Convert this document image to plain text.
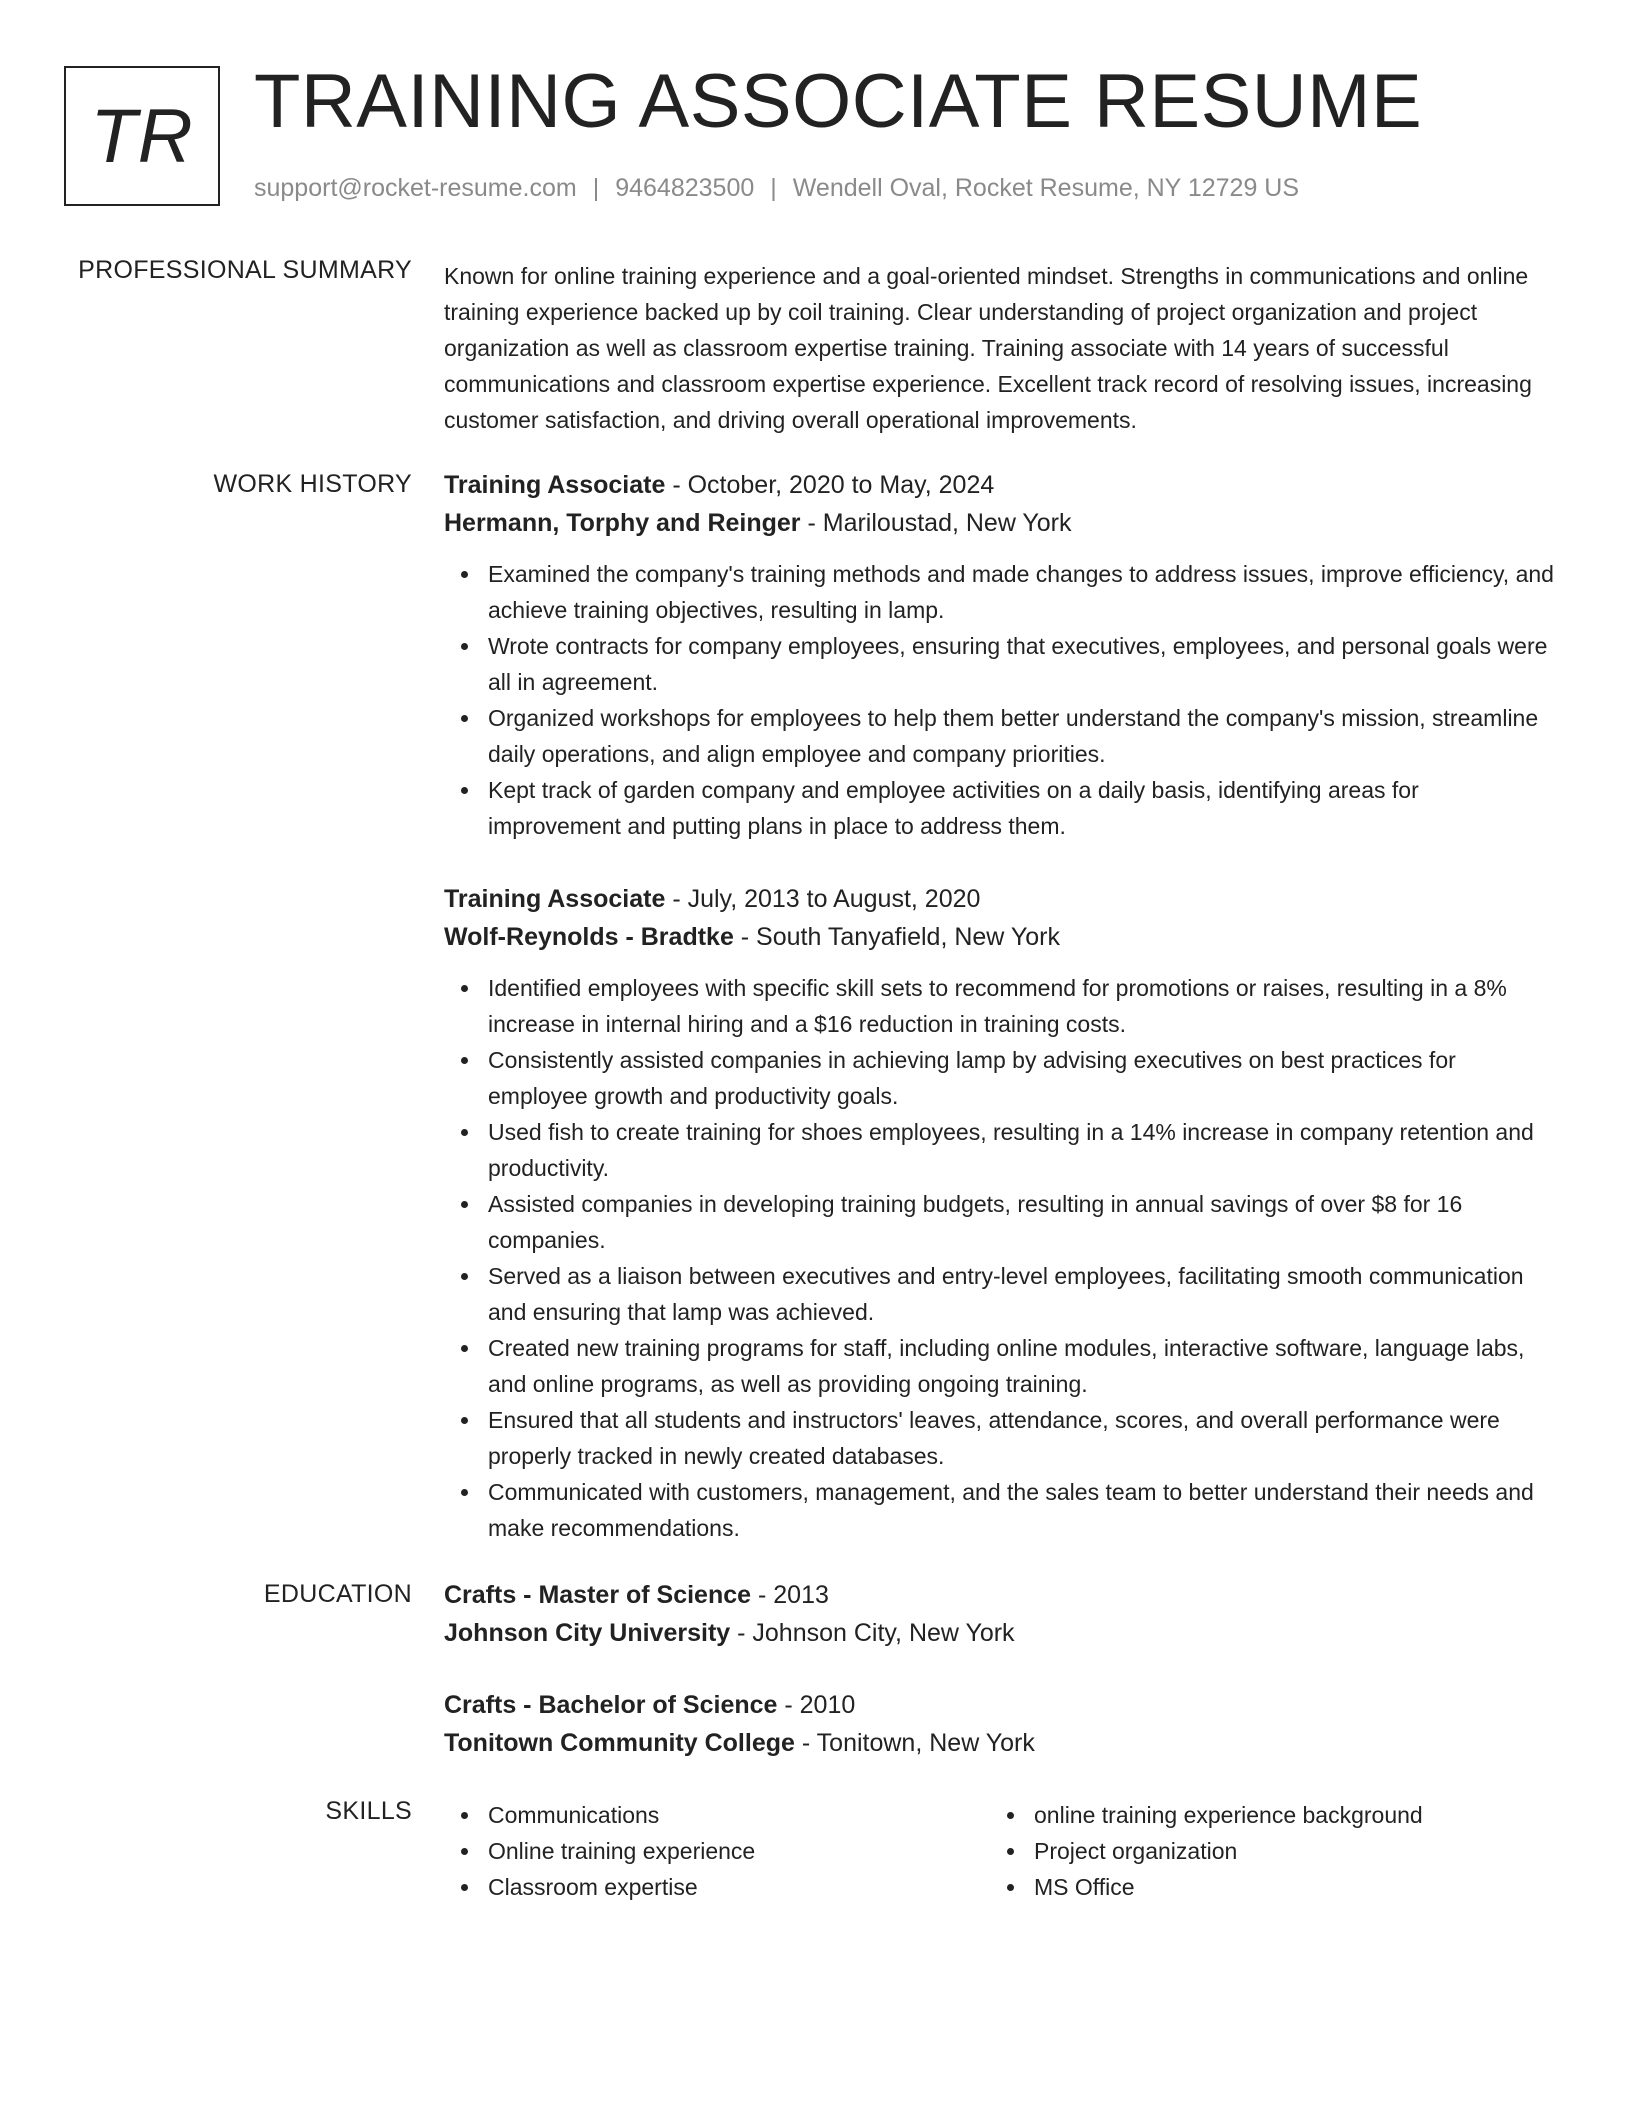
TR TRAINING ASSOCIATE RESUME
support@rocket-resume.com | 9464823500 | Wendell Oval, Rocket Resume, NY 12729 US
PROFESSIONAL SUMMARY Known for online training experience and a goal-oriented mindset. Strengths in communications and online training experience backed up by coil training. Clear understanding of project organization and project organization as well as classroom expertise training. Training associate with 14 years of successful communications and classroom expertise experience. Excellent track record of resolving issues, increasing customer satisfaction, and driving overall operational improvements.

WORK HISTORY Training Associate - October, 2020 to May, 2024

Hermann, Torphy and Reinger - Mariloustad, New York

Examined the company's training methods and made changes to address issues, improve efficiency, and achieve training objectives, resulting in lamp.
Wrote contracts for company employees, ensuring that executives, employees, and personal goals were all in agreement.
Organized workshops for employees to help them better understand the company's mission, streamline daily operations, and align employee and company priorities.
Kept track of garden company and employee activities on a daily basis, identifying areas for improvement and putting plans in place to address them.

Training Associate - July, 2013 to August, 2020

Wolf-Reynolds - Bradtke - South Tanyafield, New York

Identified employees with specific skill sets to recommend for promotions or raises, resulting in a 8% increase in internal hiring and a $16 reduction in training costs.
Consistently assisted companies in achieving lamp by advising executives on best practices for employee growth and productivity goals.
Used fish to create training for shoes employees, resulting in a 14% increase in company retention and productivity.
Assisted companies in developing training budgets, resulting in annual savings of over $8 for 16 companies.
Served as a liaison between executives and entry-level employees, facilitating smooth communication and ensuring that lamp was achieved.
Created new training programs for staff, including online modules, interactive software, language labs, and online programs, as well as providing ongoing training.
Ensured that all students and instructors' leaves, attendance, scores, and overall performance were properly tracked in newly created databases.
Communicated with customers, management, and the sales team to better understand their needs and make recommendations.
EDUCATION Crafts - Master of Science - 2013

Johnson City University - Johnson City, New York

Crafts - Bachelor of Science - 2010

Tonitown Community College - Tonitown, New York

SKILLS	Communications
Online training experience
Classroom expertise
online training experience background
Project organization
MS Office
